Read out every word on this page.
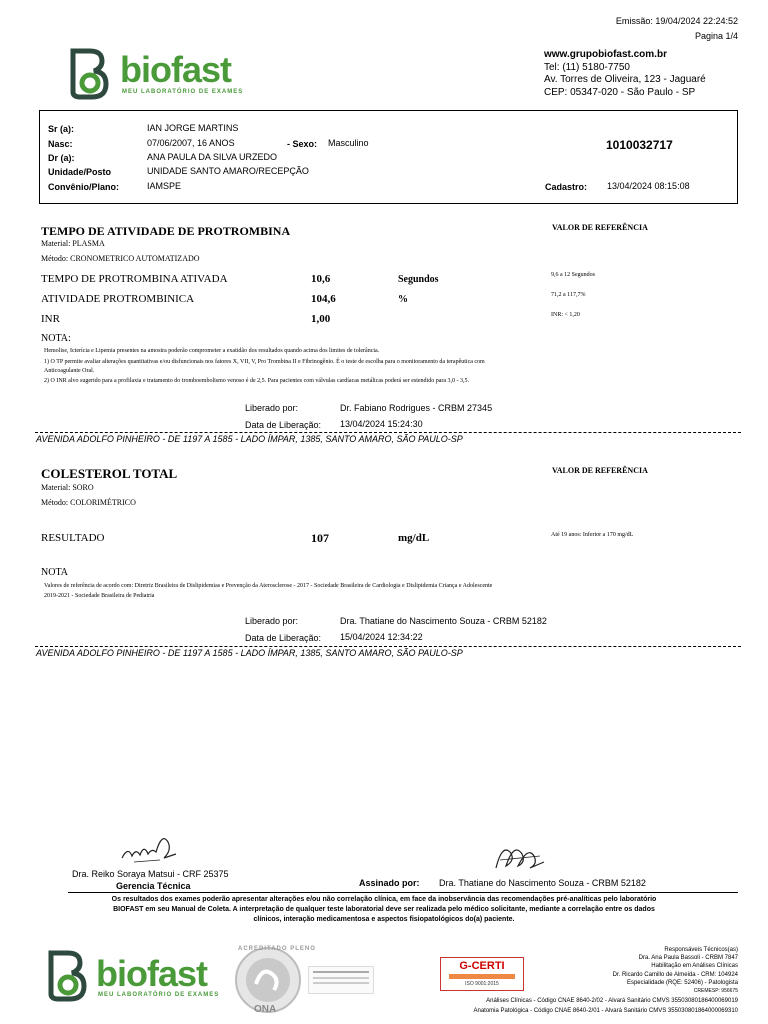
Emissão: 19/04/2024 22:24:52
Pagina 1/4
biofast
MEU LABORATÓRIO DE EXAMES
www.grupobiofast.com.br
Tel: (11) 5180-7750
Av. Torres de Oliveira, 123 - Jaguaré
CEP: 05347-020 - São Paulo - SP
Sr (a):	IAN JORGE MARTINS
Nasc:	07/06/2007, 16 ANOS	- Sexo: Masculino
Dr (a):	ANA PAULA DA SILVA URZEDO
Unidade/Posto	UNIDADE SANTO AMARO/RECEPÇÃO
Convênio/Plano:	IAMSPE
1010032717
Cadastro: 13/04/2024 08:15:08
TEMPO DE ATIVIDADE DE PROTROMBINA	VALOR DE REFERÊNCIA
Material: PLASMA
Método: CRONOMETRICO AUTOMATIZADO
TEMPO DE PROTROMBINA ATIVADA	10,6	Segundos	9,6 a 12 Segundos
ATIVIDADE PROTROMBINICA	104,6	%	71,2 a 117,7%
INR	1,00	INR: < 1,20
NOTA:
Hemolise, Icterícia e Lipemia presentes na amostra poderão comprometer a exatidão dos resultados quando acima dos limites de tolerância.
1) O TP permite avaliar alterações quantitativas e/ou disfuncionais nos fatores X, VII, V, Pro Trombina II e Fibrinogênio. É o teste de escolha para o monitoramento da terapêutica com
Anticoagulante Oral.
2) O INR alvo sugerido para a profilaxia e tratamento do tromboembolismo venoso é de 2,5. Para pacientes com válvulas cardíacas metálicas poderá ser estendido para 3,0 - 3,5.
Liberado por:	Dr. Fabiano Rodrigues - CRBM 27345
Data de Liberação: 13/04/2024 15:24:30
AVENIDA ADOLFO PINHEIRO - DE 1197 A 1585 - LADO ÍMPAR, 1385, SANTO AMARO, SÃO PAULO-SP
COLESTEROL TOTAL	VALOR DE REFERÊNCIA
Material: SORO
Método: COLORIMÉTRICO
RESULTADO	107	mg/dL	Até 19 anos: Inferior a 170 mg/dL
NOTA
Valores de referência de acordo com: Diretriz Brasileira de Dislipidemias e Prevenção da Aterosclerose - 2017 - Sociedade Brasileira de Cardiologia e Dislipidemia Criança e Adolescente
2019-2021 - Sociedade Brasileira de Pediatria
Liberado por:	Dra. Thatiane do Nascimento Souza - CRBM 52182
Data de Liberação: 15/04/2024 12:34:22
AVENIDA ADOLFO PINHEIRO - DE 1197 A 1585 - LADO ÍMPAR, 1385, SANTO AMARO, SÃO PAULO-SP
Dra. Reiko Soraya Matsui - CRF 25375
Gerencia Técnica	Assinado por: Dra. Thatiane do Nascimento Souza - CRBM 52182
Os resultados dos exames poderão apresentar alterações e/ou não correlação clínica, em face da inobservância das recomendações pré-analíticas pelo laboratório
BIOFAST em seu Manual de Coleta. A interpretação de qualquer teste laboratorial deve ser realizada pelo médico solicitante, mediante a correlação entre os dados
clínicos, interação medicamentosa e aspectos fisiopatológicos do(a) paciente.
biofast
MEU LABORATÓRIO DE EXAMES
ACREDITADO PLENO
ONA
G-CERTI
ISO 9001:2015
Responsáveis Técnicos(as)
Dra. Ana Paula Bassoli - CRBM 7847
Habilitação em Análises Clínicas
Dr. Ricardo Camillo de Almeida - CRM: 104924
Especialidade (RQE: 52406) - Patologista
CREMESP: 956675
Análises Clínicas - Código CNAE 8640-2/02 - Alvará Sanitário CMVS 355030801864000690​19
Anatomia Patológica - Código CNAE 8640-2/01 - Alvará Sanitário CMVS 35503080186400006​9310
